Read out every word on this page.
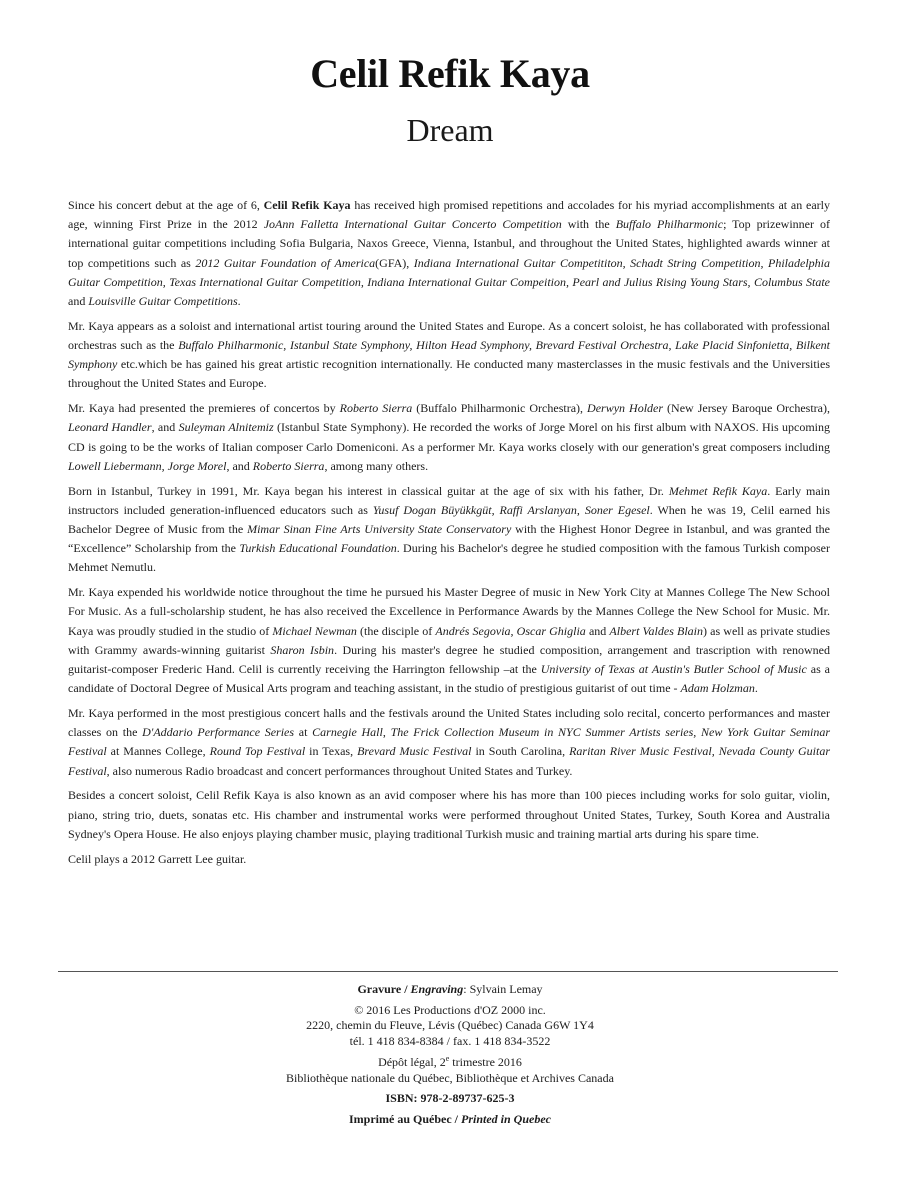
Celil Refik Kaya
Dream

Since his concert debut at the age of 6, Celil Refik Kaya has received high promised repetitions and accolades for his myriad accomplishments at an early age, winning First Prize in the 2012 JoAnn Falletta International Guitar Concerto Competition with the Buffalo Philharmonic; Top prizewinner of international guitar competitions including Sofia Bulgaria, Naxos Greece, Vienna, Istanbul, and throughout the United States, highlighted awards winner at top competitions such as 2012 Guitar Foundation of America(GFA), Indiana International Guitar Competititon, Schadt String Competition, Philadelphia Guitar Competition, Texas International Guitar Competition, Indiana International Guitar Compeition, Pearl and Julius Rising Young Stars, Columbus State and Louisville Guitar Competitions.

Mr. Kaya appears as a soloist and international artist touring around the United States and Europe. As a concert soloist, he has collaborated with professional orchestras such as the Buffalo Philharmonic, Istanbul State Symphony, Hilton Head Symphony, Brevard Festival Orchestra, Lake Placid Sinfonietta, Bilkent Symphony etc.which be has gained his great artistic recognition internationally. He conducted many masterclasses in the music festivals and the Universities throughout the United States and Europe.

Mr. Kaya had presented the premieres of concertos by Roberto Sierra (Buffalo Philharmonic Orchestra), Derwyn Holder (New Jersey Baroque Orchestra), Leonard Handler, and Suleyman Alnitemiz (Istanbul State Symphony). He recorded the works of Jorge Morel on his first album with NAXOS. His upcoming CD is going to be the works of Italian composer Carlo Domeniconi. As a performer Mr. Kaya works closely with our generation's great composers including Lowell Liebermann, Jorge Morel, and Roberto Sierra, among many others.

Born in Istanbul, Turkey in 1991, Mr. Kaya began his interest in classical guitar at the age of six with his father, Dr. Mehmet Refik Kaya. Early main instructors included generation-influenced educators such as Yusuf Dogan Büyükkgüt, Raffi Arslanyan, Soner Egesel. When he was 19, Celil earned his Bachelor Degree of Music from the Mimar Sinan Fine Arts University State Conservatory with the Highest Honor Degree in Istanbul, and was granted the “Excellence” Scholarship from the Turkish Educational Foundation. During his Bachelor's degree he studied composition with the famous Turkish composer Mehmet Nemutlu.

Mr. Kaya expended his worldwide notice throughout the time he pursued his Master Degree of music in New York City at Mannes College The New School For Music. As a full-scholarship student, he has also received the Excellence in Performance Awards by the Mannes College the New School for Music. Mr. Kaya was proudly studied in the studio of Michael Newman (the disciple of Andrés Segovia, Oscar Ghiglia and Albert Valdes Blain) as well as private studies with Grammy awards-winning guitarist Sharon Isbin. During his master's degree he studied composition, arrangement and trascription with renowned guitarist-composer Frederic Hand. Celil is currently receiving the Harrington fellowship –at the University of Texas at Austin's Butler School of Music as a candidate of Doctoral Degree of Musical Arts program and teaching assistant, in the studio of prestigious guitarist of out time - Adam Holzman.

Mr. Kaya performed in the most prestigious concert halls and the festivals around the United States including solo recital, concerto performances and master classes on the D'Addario Performance Series at Carnegie Hall, The Frick Collection Museum in NYC Summer Artists series, New York Guitar Seminar Festival at Mannes College, Round Top Festival in Texas, Brevard Music Festival in South Carolina, Raritan River Music Festival, Nevada County Guitar Festival, also numerous Radio broadcast and concert performances throughout United States and Turkey.

Besides a concert soloist, Celil Refik Kaya is also known as an avid composer where his has more than 100 pieces including works for solo guitar, violin, piano, string trio, duets, sonatas etc. His chamber and instrumental works were performed throughout United States, Turkey, South Korea and Australia Sydney's Opera House. He also enjoys playing chamber music, playing traditional Turkish music and training martial arts during his spare time.

Celil plays a 2012 Garrett Lee guitar.

Gravure / Engraving: Sylvain Lemay
© 2016 Les Productions d'OZ 2000 inc.
2220, chemin du Fleuve, Lévis (Québec) Canada G6W 1Y4
tél. 1 418 834-8384 / fax. 1 418 834-3522
Dépôt légal, 2e trimestre 2016
Bibliothèque nationale du Québec, Bibliothèque et Archives Canada
ISBN: 978-2-89737-625-3
Imprimé au Québec / Printed in Quebec
